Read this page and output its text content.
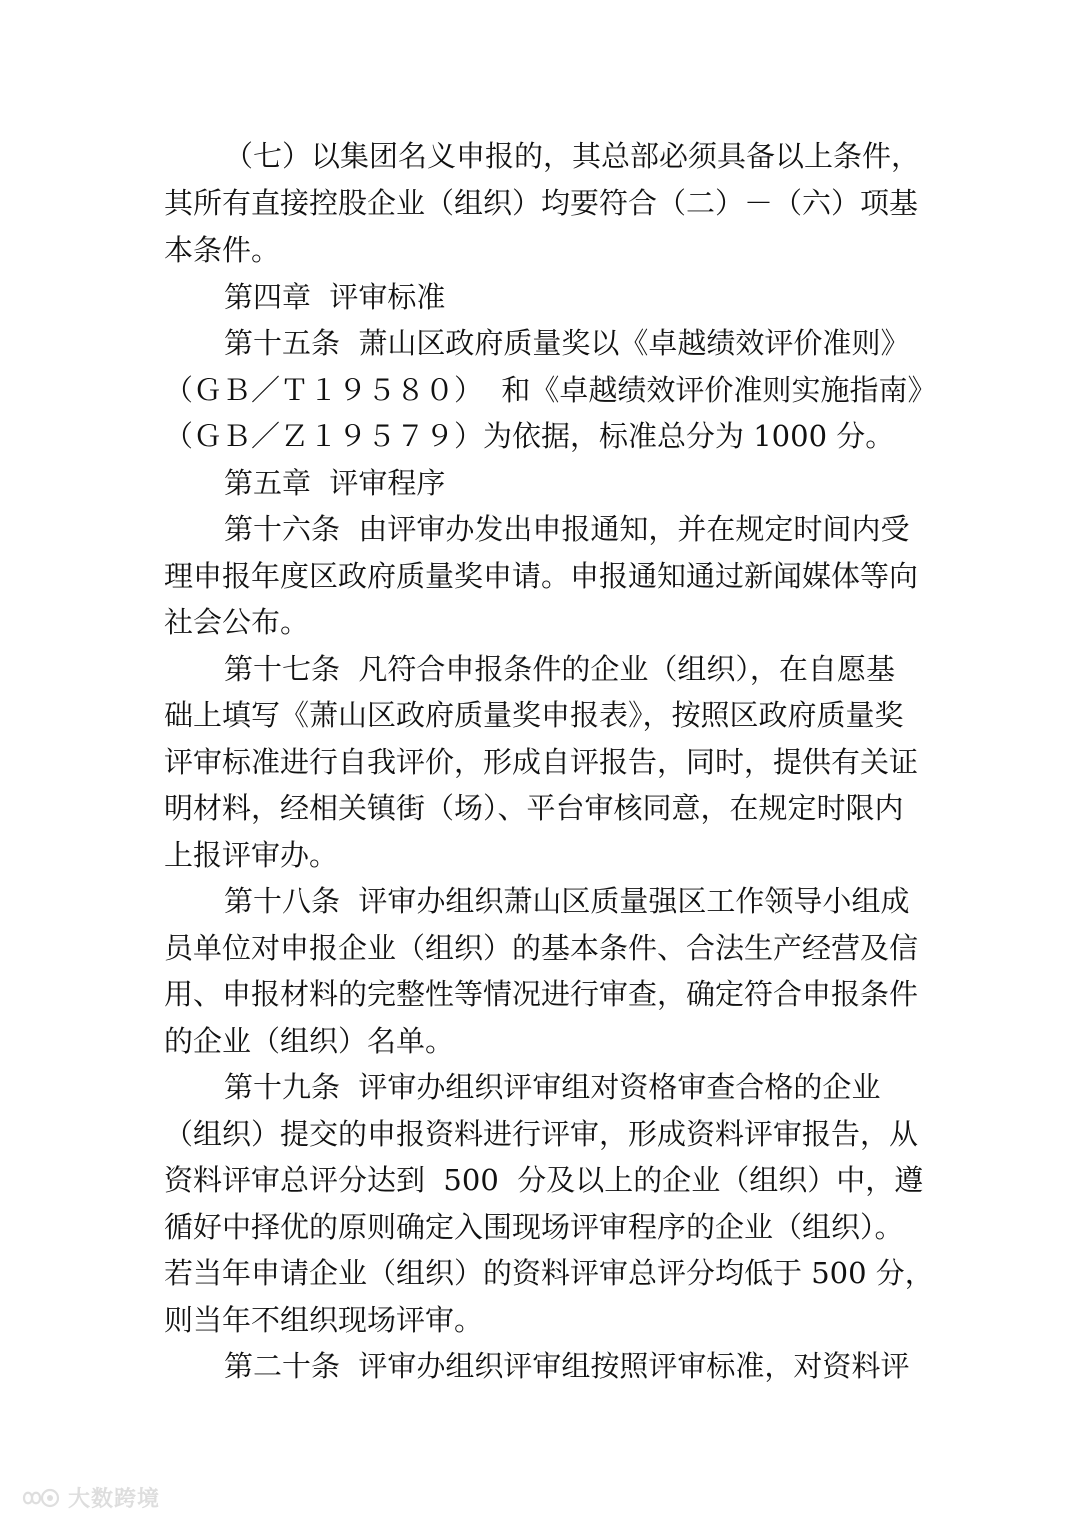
（七）以集团名义申报的，其总部必须具备以上条件，
其所有直接控股企业（组织）均要符合（二）－（六）项基
本条件。
第四章  评审标准
第十五条  萧山区政府质量奖以《卓越绩效评价准则》
（ＧＢ／Ｔ１９５８０）  和《卓越绩效评价准则实施指南》
（ＧＢ／Ｚ１９５７９）为依据，标准总分为 1000 分。
第五章  评审程序
第十六条  由评审办发出申报通知，并在规定时间内受
理申报年度区政府质量奖申请。申报通知通过新闻媒体等向
社会公布。
第十七条  凡符合申报条件的企业（组织），在自愿基
础上填写《萧山区政府质量奖申报表》，按照区政府质量奖
评审标准进行自我评价，形成自评报告，同时，提供有关证
明材料，经相关镇街（场）、平台审核同意，在规定时限内
上报评审办。
第十八条  评审办组织萧山区质量强区工作领导小组成
员单位对申报企业（组织）的基本条件、合法生产经营及信
用、申报材料的完整性等情况进行审查，确定符合申报条件
的企业（组织）名单。
第十九条  评审办组织评审组对资格审查合格的企业
（组织）提交的申报资料进行评审，形成资料评审报告，从
资料评审总评分达到  500  分及以上的企业（组织）中，遵
循好中择优的原则确定入围现场评审程序的企业（组织）。
若当年申请企业（组织）的资料评审总评分均低于 500 分，
则当年不组织现场评审。
第二十条  评审办组织评审组按照评审标准，对资料评
大数跨境
